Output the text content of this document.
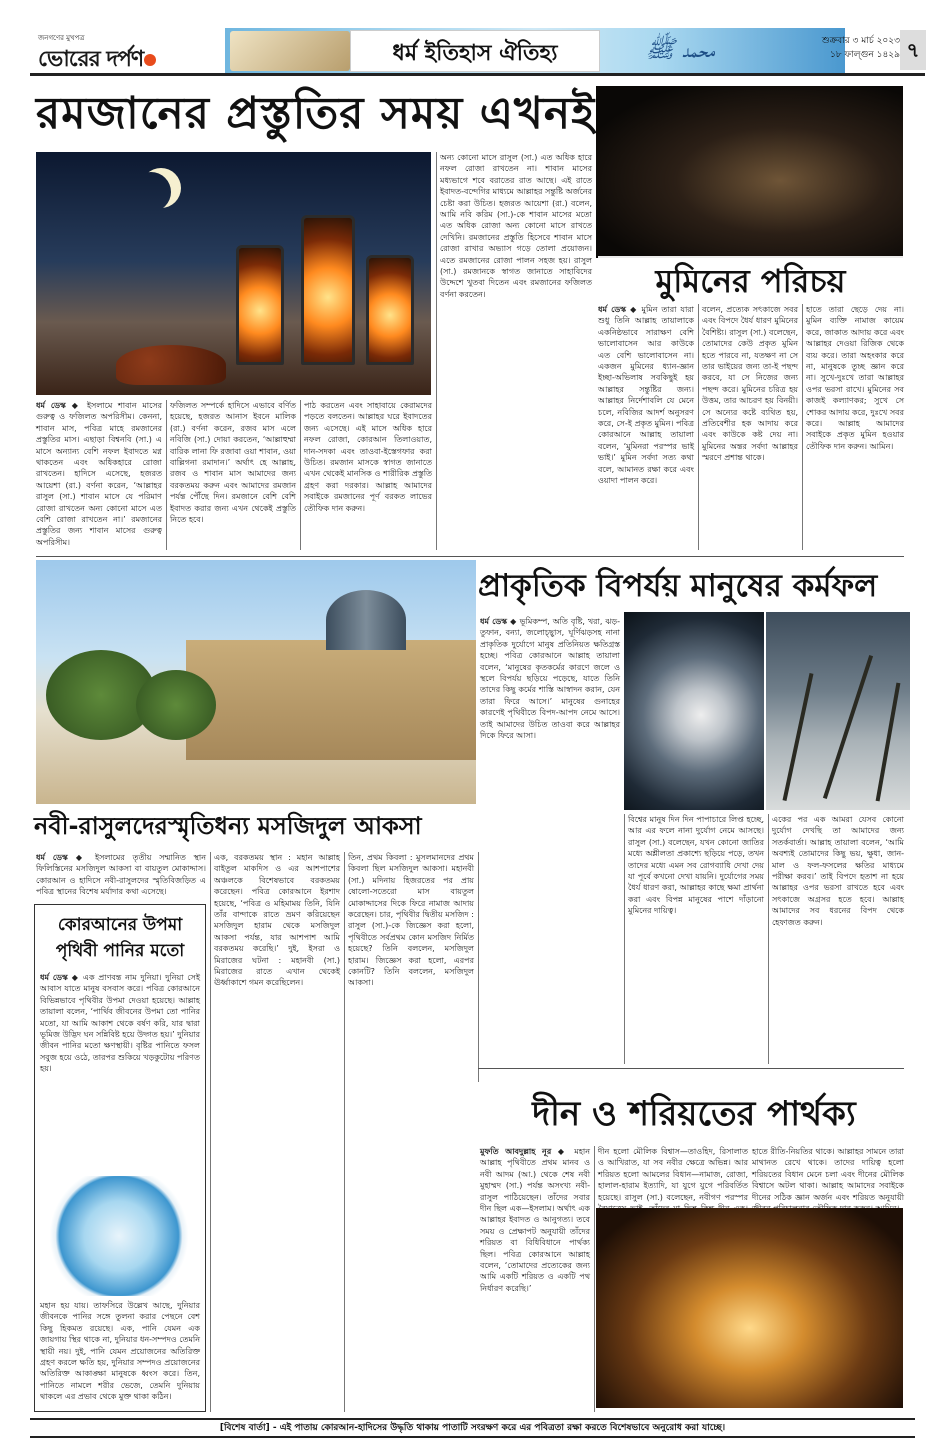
জনগণের মুখপত্র
ভোরের দর্পণ	ধর্ম ইতিহাস ঐতিহ্য	محمد ﷺ	শুক্রবার ৩ মার্চ ২০২৩
১৮ ফাল্গুন ১৪২৯ ৭
রমজানের প্রস্তুতির সময় এখনই
ধর্ম ডেস্ক ◆ ইসলামে শাবান মাসের গুরুত্ব ও ফজিলত অপরিসীম। কেননা, শাবান মাস, পবিত্র মাহে রমজানের প্রস্তুতির মাস। এছাড়া বিশ্বনবি (সা.) এ মাসে অন্যান্য বেশি নফল ইবাদতে মগ্ন থাকতেন এবং অধিকহারে রোজা রাখতেন। হাদিসে এসেছে, হজরত আয়েশা (রা.) বর্ণনা করেন, ‘আল্লাহর রাসুল (সা.) শাবান মাসে যে পরিমাণ রোজা রাখতেন অন্য কোনো মাসে এত বেশি রোজা রাখতেন না।’ রমজানের প্রস্তুতির জন্য শাবান মাসের গুরুত্ব অপরিসীম।
ফজিলত সম্পর্কে হাদিসে এভাবে বর্ণিত হয়েছে, হজরত আনাস ইবনে মালিক (রা.) বর্ণনা করেন, রজব মাস এলে নবিজি (সা.) দোয়া করতেন, ‘আল্লাহুম্মা বারিক লানা ফি রজাবা ওয়া শাবান, ওয়া বাল্লিগনা রমাদান।’ অর্থাৎ হে আল্লাহ, রজব ও শাবান মাস আমাদের জন্য বরকতময় করুন এবং আমাদের রমজান পর্যন্ত পৌঁছে দিন। রমজানে বেশি বেশি ইবাদত করার জন্য এখন থেকেই প্রস্তুতি নিতে হবে।
পাঠ করতেন এবং সাহাবায়ে কেরামদের পড়তে বলতেন। আল্লাহর ঘরে ইবাদতের জন্য এসেছে। এই মাসে অধিক হারে নফল রোজা, কোরআন তিলাওয়াত, দান-সদকা এবং তাওবা-ইস্তেগফার করা উচিত। রমজান মাসকে স্বাগত জানাতে এখন থেকেই মানসিক ও শারীরিক প্রস্তুতি গ্রহণ করা দরকার। আল্লাহ আমাদের সবাইকে রমজানের পূর্ণ বরকত লাভের তৌফিক দান করুন।
অন্য কোনো মাসে রাসুল (সা.) এত অধিক হারে নফল রোজা রাখতেন না। শাবান মাসের মধ্যভাগে শবে বরাতের রাত আছে। এই রাতে ইবাদত-বন্দেগির মাধ্যমে আল্লাহর সন্তুষ্টি অর্জনের চেষ্টা করা উচিত। হজরত আয়েশা (রা.) বলেন, আমি নবি করিম (সা.)-কে শাবান মাসের মতো এত অধিক রোজা অন্য কোনো মাসে রাখতে দেখিনি। রমজানের প্রস্তুতি হিসেবে শাবান মাসে রোজা রাখার অভ্যাস গড়ে তোলা প্রয়োজন। এতে রমজানের রোজা পালন সহজ হয়। রাসুল (সা.) রমজানকে স্বাগত জানাতে সাহাবিদের উদ্দেশে খুতবা দিতেন এবং রমজানের ফজিলত বর্ণনা করতেন।	মুমিনের পরিচয়
ধর্ম ডেস্ক ◆ মুমিন তারা যারা শুধু তিনি আল্লাহ তায়ালাকে একনিষ্ঠভাবে সারাক্ষণ বেশি ভালোবাসেন আর কাউকে এত বেশি ভালোবাসেন না। একজন মুমিনের ধ্যান-জ্ঞান ইচ্ছা-অভিলাষ সবকিছুই হয় আল্লাহর সন্তুষ্টির জন্য। আল্লাহর নির্দেশাবলি যে মেনে চলে, নবিজির আদর্শ অনুসরণ করে, সে-ই প্রকৃত মুমিন। পবিত্র কোরআনে আল্লাহ তায়ালা বলেন, ‘মুমিনরা পরস্পর ভাই ভাই।’ মুমিন সর্বদা সত্য কথা বলে, আমানত রক্ষা করে এবং ওয়াদা পালন করে।
বলেন, প্রত্যেক সৎকাজে সবর এবং বিপদে ধৈর্য ধারণ মুমিনের বৈশিষ্ট্য। রাসুল (সা.) বলেছেন, তোমাদের কেউ প্রকৃত মুমিন হতে পারবে না, যতক্ষণ না সে তার ভাইয়ের জন্য তা-ই পছন্দ করবে, যা সে নিজের জন্য পছন্দ করে। মুমিনের চরিত্র হয় উত্তম, তার আচরণ হয় বিনয়ী। সে অন্যের কষ্টে ব্যথিত হয়, প্রতিবেশীর হক আদায় করে এবং কাউকে কষ্ট দেয় না। মুমিনের অন্তর সর্বদা আল্লাহর স্মরণে প্রশান্ত থাকে।
হাতে তারা ছেড়ে দেয় না। মুমিন ব্যক্তি নামাজ কায়েম করে, জাকাত আদায় করে এবং আল্লাহর দেওয়া রিজিক থেকে ব্যয় করে। তারা অহংকার করে না, মানুষকে তুচ্ছ জ্ঞান করে না। সুখে-দুঃখে তারা আল্লাহর ওপর ভরসা রাখে। মুমিনের সব কাজই কল্যাণকর; সুখে সে শোকর আদায় করে, দুঃখে সবর করে। আল্লাহ আমাদের সবাইকে প্রকৃত মুমিন হওয়ার তৌফিক দান করুন। আমিন।
প্রাকৃতিক বিপর্যয় মানুষের কর্মফল
ধর্ম ডেস্ক ◆ ভূমিকম্প, অতি বৃষ্টি, খরা, ঝড়-তুফান, বন্যা, জলোচ্ছ্বাস, ঘূর্ণিঝড়সহ নানা প্রাকৃতিক দুর্যোগে মানুষ প্রতিনিয়ত ক্ষতিগ্রস্ত হচ্ছে। পবিত্র কোরআনে আল্লাহ তায়ালা বলেন, ‘মানুষের কৃতকর্মের কারণে জলে ও স্থলে বিপর্যয় ছড়িয়ে পড়েছে, যাতে তিনি তাদের কিছু কর্মের শাস্তি আস্বাদন করান, যেন তারা ফিরে আসে।’ মানুষের গুনাহের কারণেই পৃথিবীতে বিপদ-আপদ নেমে আসে। তাই আমাদের উচিত তাওবা করে আল্লাহর দিকে ফিরে আসা।
বিশ্বের মানুষ দিন দিন পাপাচারে লিপ্ত হচ্ছে, আর এর ফলে নানা দুর্যোগ নেমে আসছে। রাসুল (সা.) বলেছেন, যখন কোনো জাতির মধ্যে অশ্লীলতা প্রকাশ্যে ছড়িয়ে পড়ে, তখন তাদের মধ্যে এমন সব রোগব্যাধি দেখা দেয় যা পূর্বে কখনো দেখা যায়নি। দুর্যোগের সময় ধৈর্য ধারণ করা, আল্লাহর কাছে ক্ষমা প্রার্থনা করা এবং বিপন্ন মানুষের পাশে দাঁড়ানো মুমিনের দায়িত্ব।
একের পর এক আমরা যেসব কোনো দুর্যোগ দেখছি তা আমাদের জন্য সতর্কবার্তা। আল্লাহ তায়ালা বলেন, ‘আমি অবশ্যই তোমাদের কিছু ভয়, ক্ষুধা, জান-মাল ও ফল-ফসলের ক্ষতির মাধ্যমে পরীক্ষা করব।’ তাই বিপদে হতাশ না হয়ে আল্লাহর ওপর ভরসা রাখতে হবে এবং সৎকাজে অগ্রসর হতে হবে। আল্লাহ আমাদের সব ধরনের বিপদ থেকে হেফাজত করুন।
নবী-রাসুলদেরস্মৃতিধন্য মসজিদুল আকসা
ধর্ম ডেস্ক ◆ ইসলামের তৃতীয় সম্মানিত স্থান ফিলিস্তিনের মসজিদুল আকসা বা বায়তুল মোকাদ্দাস। কোরআন ও হাদিসে নবী-রাসুলদের স্মৃতিবিজড়িত এ পবিত্র স্থানের বিশেষ মর্যাদার কথা এসেছে।
এক, বরকতময় স্থান : মহান আল্লাহ বাইতুল মাকদিস ও এর আশপাশের অঞ্চলকে বিশেষভাবে বরকতময় করেছেন। পবিত্র কোরআনে ইরশাদ হয়েছে, ‘পবিত্র ও মহিমাময় তিনি, যিনি তাঁর বান্দাকে রাতে ভ্রমণ করিয়েছেন মসজিদুল হারাম থেকে মসজিদুল আকসা পর্যন্ত, যার আশপাশ আমি বরকতময় করেছি।’ দুই, ইসরা ও মিরাজের ঘটনা : মহানবী (সা.) মিরাজের রাতে এখান থেকেই ঊর্ধ্বাকাশে গমন করেছিলেন।
তিন, প্রথম কিবলা : মুসলমানদের প্রথম কিবলা ছিল মসজিদুল আকসা। মহানবী (সা.) মদিনায় হিজরতের পর প্রায় ষোলো-সতেরো মাস বায়তুল মোকাদ্দাসের দিকে ফিরে নামাজ আদায় করেছেন। চার, পৃথিবীর দ্বিতীয় মসজিদ : রাসুল (সা.)-কে জিজ্ঞেস করা হলো, পৃথিবীতে সর্বপ্রথম কোন মসজিদ নির্মিত হয়েছে? তিনি বললেন, মসজিদুল হারাম। জিজ্ঞেস করা হলো, এরপর কোনটি? তিনি বললেন, মসজিদুল আকসা।
কোরআনের উপমা পৃথিবী পানির মতো
ধর্ম ডেস্ক ◆ এক প্রাণবন্ত নাম দুনিয়া। দুনিয়া সেই আবাস যাতে মানুষ বসবাস করে। পবিত্র কোরআনে বিভিন্নভাবে পৃথিবীর উপমা দেওয়া হয়েছে। আল্লাহ তায়ালা বলেন, ‘পার্থিব জীবনের উপমা তো পানির মতো, যা আমি আকাশ থেকে বর্ষণ করি, যার দ্বারা ভূমিজ উদ্ভিদ ঘন সন্নিবিষ্ট হয়ে উদ্গত হয়।’ দুনিয়ার জীবন পানির মতো ক্ষণস্থায়ী। বৃষ্টির পানিতে ফসল সবুজ হয়ে ওঠে, তারপর শুকিয়ে খড়কুটোয় পরিণত হয়।
মহান হয় যায়। তাফসিরে উল্লেখ আছে, দুনিয়ার জীবনকে পানির সঙ্গে তুলনা করার পেছনে বেশ কিছু হিকমত রয়েছে। এক, পানি যেমন এক জায়গায় স্থির থাকে না, দুনিয়ার ধন-সম্পদও তেমনি স্থায়ী নয়। দুই, পানি যেমন প্রয়োজনের অতিরিক্ত গ্রহণ করলে ক্ষতি হয়, দুনিয়ার সম্পদও প্রয়োজনের অতিরিক্ত আকাঙ্ক্ষা মানুষকে ধ্বংস করে। তিন, পানিতে নামলে শরীর ভেজে, তেমনি দুনিয়ায় থাকলে এর প্রভাব থেকে মুক্ত থাকা কঠিন।
দীন ও শরিয়তের পার্থক্য
মুফতি আবদুল্লাহ নূর ◆ মহান আল্লাহ পৃথিবীতে প্রথম মানব ও নবী আদম (আ.) থেকে শেষ নবী মুহাম্মদ (সা.) পর্যন্ত অসংখ্য নবী-রাসুল পাঠিয়েছেন। তাঁদের সবার দীন ছিল এক—ইসলাম। অর্থাৎ এক আল্লাহর ইবাদত ও আনুগত্য। তবে সময় ও প্রেক্ষাপট অনুযায়ী তাঁদের শরিয়ত বা বিধিবিধানে পার্থক্য ছিল। পবিত্র কোরআনে আল্লাহ বলেন, ‘তোমাদের প্রত্যেকের জন্য আমি একটি শরিয়ত ও একটি পথ নির্ধারণ করেছি।’
দীন হলো মৌলিক বিশ্বাস—তাওহিদ, রিসালাত ও আখিরাত, যা সব নবীর ক্ষেত্রে অভিন্ন। আর শরিয়ত হলো আমলের বিধান—নামাজ, রোজা, হালাল-হারাম ইত্যাদি, যা যুগে যুগে পরিবর্তিত হয়েছে। রাসুল (সা.) বলেছেন, নবীগণ পরস্পর
হাতে রীতি-নিয়তির থাকে। আল্লাহর সামনে তারা মাথানত রেখে থাকে। তাদের দায়িত্ব হলো শরিয়তের বিধান মেনে চলা এবং দীনের মৌলিক বিশ্বাসে অটল থাকা। আল্লাহ আমাদের সবাইকে দীনের সঠিক জ্ঞান অর্জন এবং শরিয়ত অনুযায়ী
[বিশেষ বার্তা] - এই পাতায় কোরআন-হাদিসের উদ্ধৃতি থাকায় পাতাটি সংরক্ষণ করে এর পবিত্রতা রক্ষা করতে বিশেষভাবে অনুরোধ করা যাচ্ছে।
